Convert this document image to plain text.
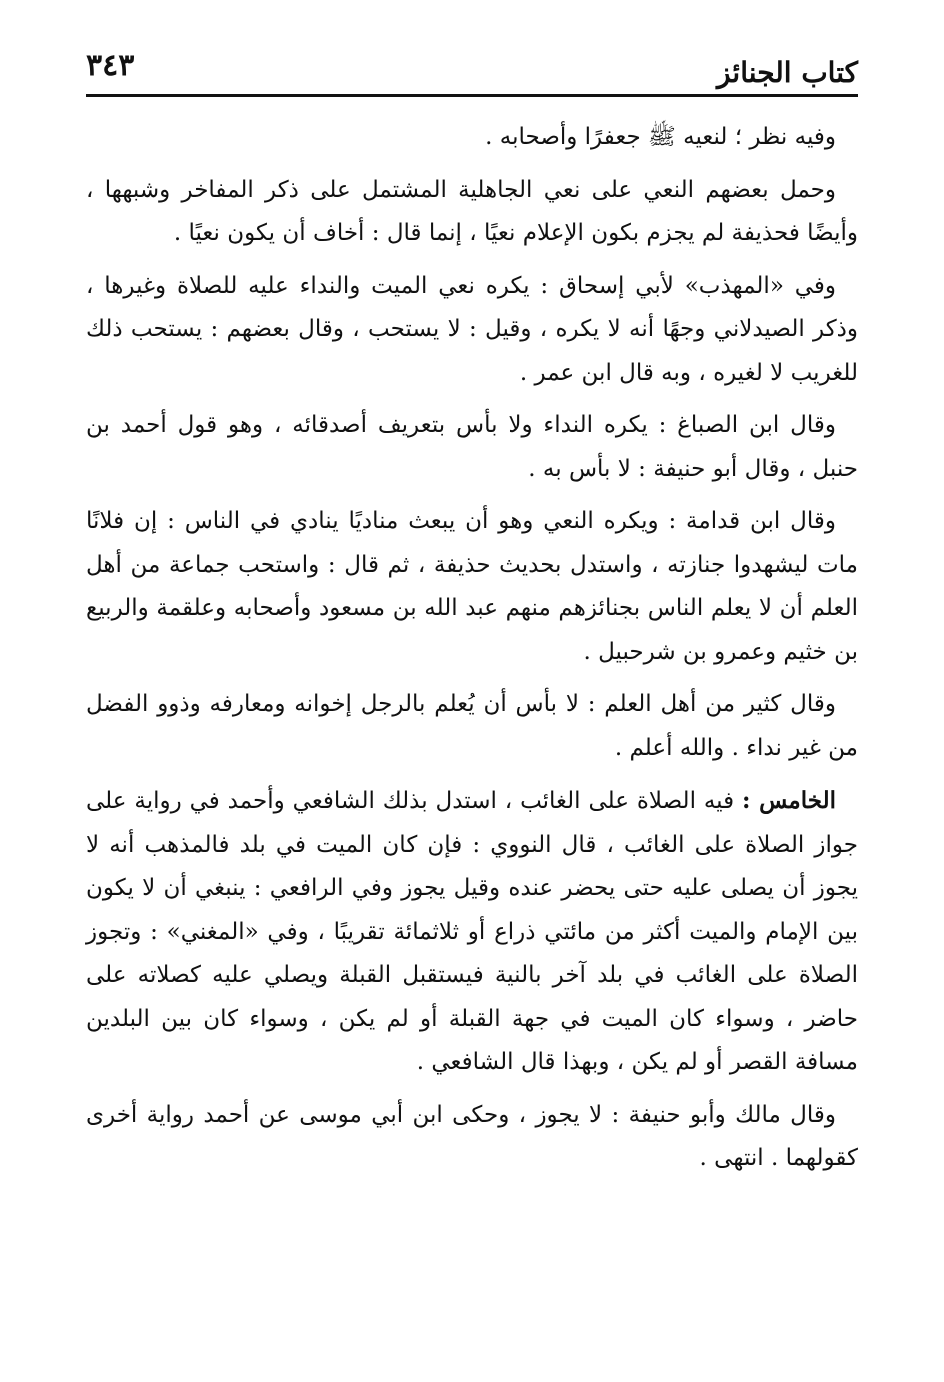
كتاب الجنائز
٣٤٣

وفيه نظر ؛ لنعيه ﷺ جعفرًا وأصحابه .

وحمل بعضهم النعي على نعي الجاهلية المشتمل على ذكر المفاخر وشبهها ، وأيضًا فحذيفة لم يجزم بكون الإعلام نعيًا ، إنما قال : أخاف أن يكون نعيًا .

وفي «المهذب» لأبي إسحاق : يكره نعي الميت والنداء عليه للصلاة وغيرها ، وذكر الصيدلاني وجهًا أنه لا يكره ، وقيل : لا يستحب ، وقال بعضهم : يستحب ذلك للغريب لا لغيره ، وبه قال ابن عمر .

وقال ابن الصباغ : يكره النداء ولا بأس بتعريف أصدقائه ، وهو قول أحمد بن حنبل ، وقال أبو حنيفة : لا بأس به .

وقال ابن قدامة : ويكره النعي وهو أن يبعث مناديًا ينادي في الناس : إن فلانًا مات ليشهدوا جنازته ، واستدل بحديث حذيفة ، ثم قال : واستحب جماعة من أهل العلم أن لا يعلم الناس بجنائزهم منهم عبد الله بن مسعود وأصحابه وعلقمة والربيع بن خثيم وعمرو بن شرحبيل .

وقال كثير من أهل العلم : لا بأس أن يُعلم بالرجل إخوانه ومعارفه وذوو الفضل من غير نداء . والله أعلم .

الخامس : فيه الصلاة على الغائب ، استدل بذلك الشافعي وأحمد في رواية على جواز الصلاة على الغائب ، قال النووي : فإن كان الميت في بلد فالمذهب أنه لا يجوز أن يصلى عليه حتى يحضر عنده وقيل يجوز وفي الرافعي : ينبغي أن لا يكون بين الإمام والميت أكثر من مائتي ذراع أو ثلاثمائة تقريبًا ، وفي «المغني» : وتجوز الصلاة على الغائب في بلد آخر بالنية فيستقبل القبلة ويصلي عليه كصلاته على حاضر ، وسواء كان الميت في جهة القبلة أو لم يكن ، وسواء كان بين البلدين مسافة القصر أو لم يكن ، وبهذا قال الشافعي .

وقال مالك وأبو حنيفة : لا يجوز ، وحكى ابن أبي موسى عن أحمد رواية أخرى كقولهما . انتهى .
